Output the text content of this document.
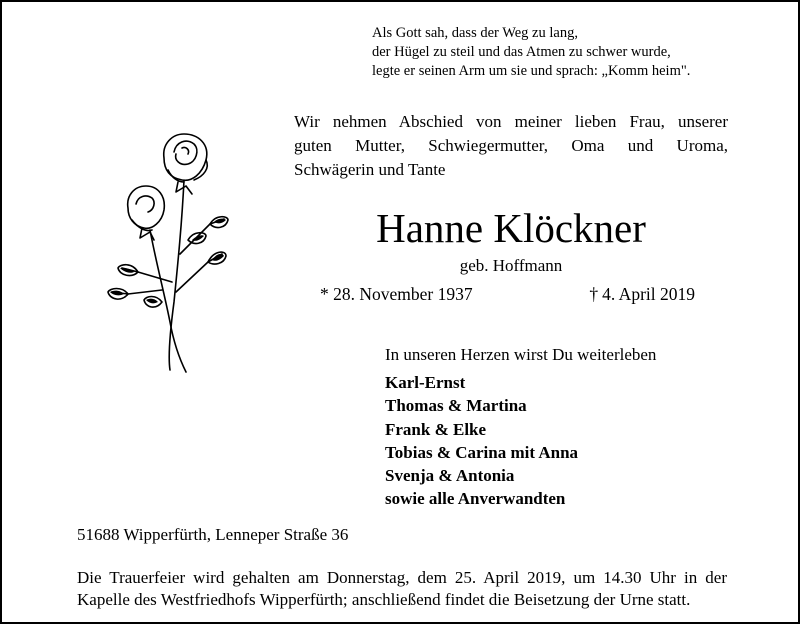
Als Gott sah, dass der Weg zu lang,
der Hügel zu steil und das Atmen zu schwer wurde,
legte er seinen Arm um sie und sprach: „Komm heim".
Wir nehmen Abschied von meiner lieben Frau, unserer
guten Mutter, Schwiegermutter, Oma und Uroma,
Schwägerin und Tante
Hanne Klöckner
geb. Hoffmann
* 28. November 1937	† 4. April 2019
In unseren Herzen wirst Du weiterleben
Karl-Ernst
Thomas & Martina
Frank & Elke
Tobias & Carina mit Anna
Svenja & Antonia
sowie alle Anverwandten
51688 Wipperfürth, Lenneper Straße 36
Die Trauerfeier wird gehalten am Donnerstag, dem 25. April 2019, um 14.30 Uhr in der
Kapelle des Westfriedhofs Wipperfürth; anschließend findet die Beisetzung der Urne statt.
